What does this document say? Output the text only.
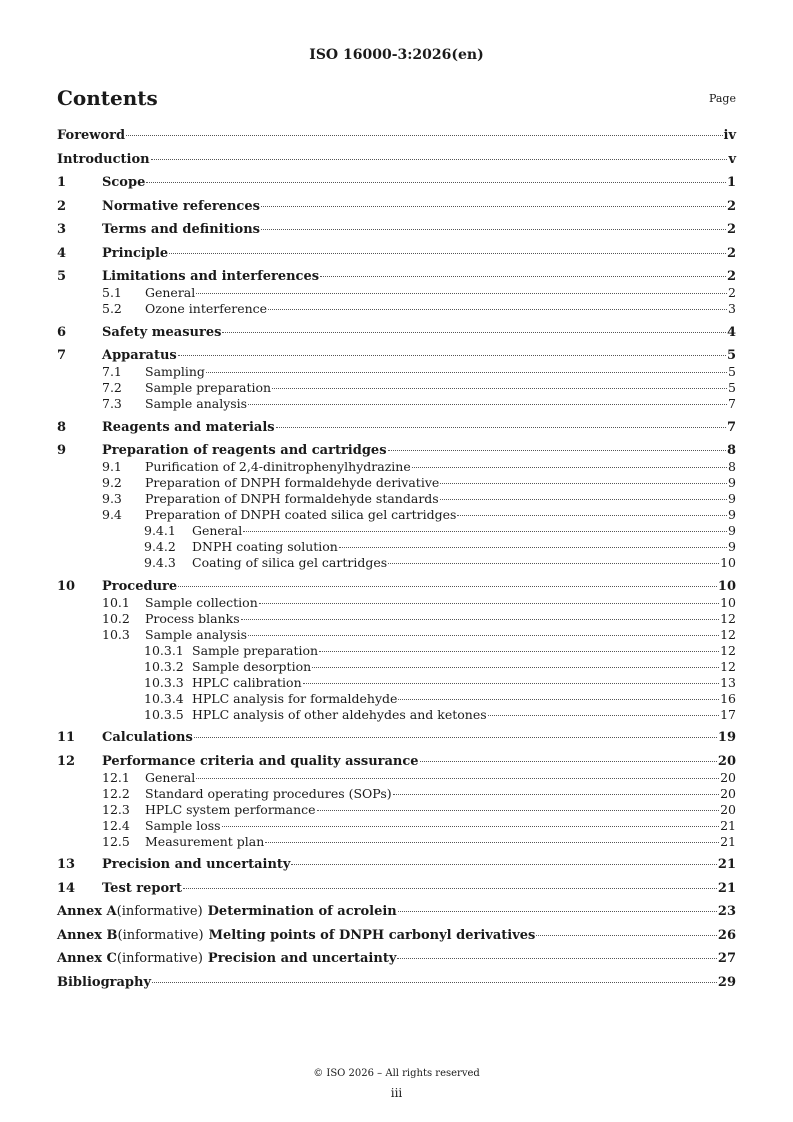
ISO 16000-3:2026(en)
Contents	Page
Foreword	iv
Introduction	v
1	Scope	1
2	Normative references	2
3	Terms and definitions	2
4	Principle	2
5	Limitations and interferences	2
5.1	General	2
5.2	Ozone interference	3
6	Safety measures	4
7	Apparatus	5
7.1	Sampling	5
7.2	Sample preparation	5
7.3	Sample analysis	7
8	Reagents and materials	7
9	Preparation of reagents and cartridges	8
9.1	Purification of 2,4-dinitrophenylhydrazine	8
9.2	Preparation of DNPH formaldehyde derivative	9
9.3	Preparation of DNPH formaldehyde standards	9
9.4	Preparation of DNPH coated silica gel cartridges	9
9.4.1	General	9
9.4.2	DNPH coating solution	9
9.4.3	Coating of silica gel cartridges	10
10	Procedure	10
10.1	Sample collection	10
10.2	Process blanks	12
10.3	Sample analysis	12
10.3.1 Sample preparation	12
10.3.2 Sample desorption	12
10.3.3 HPLC calibration	13
10.3.4 HPLC analysis for formaldehyde	16
10.3.5 HPLC analysis of other aldehydes and ketones	17
11	Calculations	19
12	Performance criteria and quality assurance	20
12.1	General	20
12.2	Standard operating procedures (SOPs)	20
12.3	HPLC system performance	20
12.4	Sample loss	21
12.5	Measurement plan	21
13	Precision and uncertainty	21
14	Test report	21
Annex A (informative) Determination of acrolein	23
Annex B (informative) Melting points of DNPH carbonyl derivatives	26
Annex C (informative) Precision and uncertainty	27
Bibliography	29
© ISO 2026 – All rights reserved
iii
